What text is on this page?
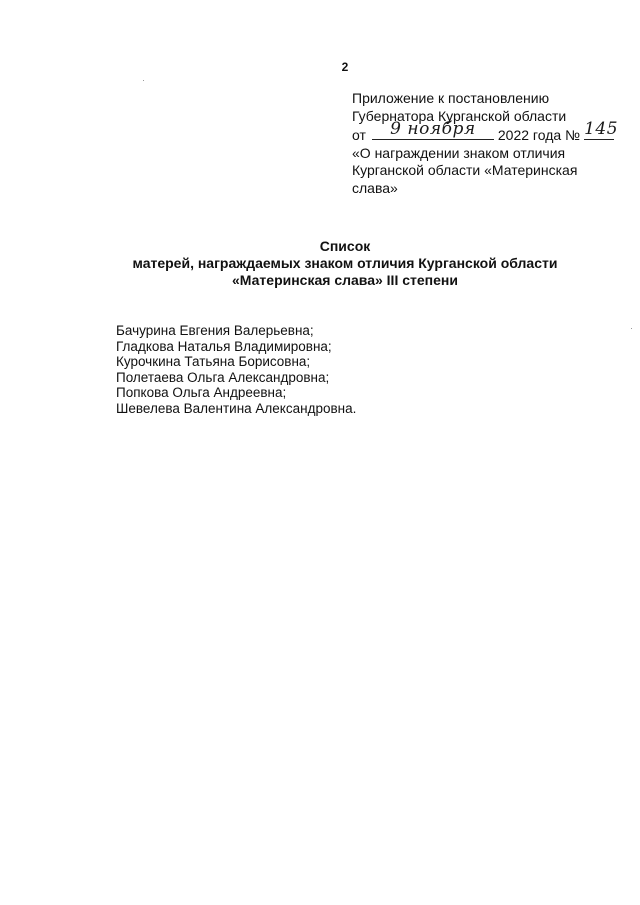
2
Приложение к постановлению
Губернатора Курганской области
от	9 ноября	2022 года № 145
«О награждении знаком отличия
Курганской области «Материнская
слава»
Список
матерей, награждаемых знаком отличия Курганской области
«Материнская слава» III степени
Бачурина Евгения Валерьевна;
Гладкова Наталья Владимировна;
Курочкина Татьяна Борисовна;
Полетаева Ольга Александровна;
Попкова Ольга Андреевна;
Шевелева Валентина Александровна.
